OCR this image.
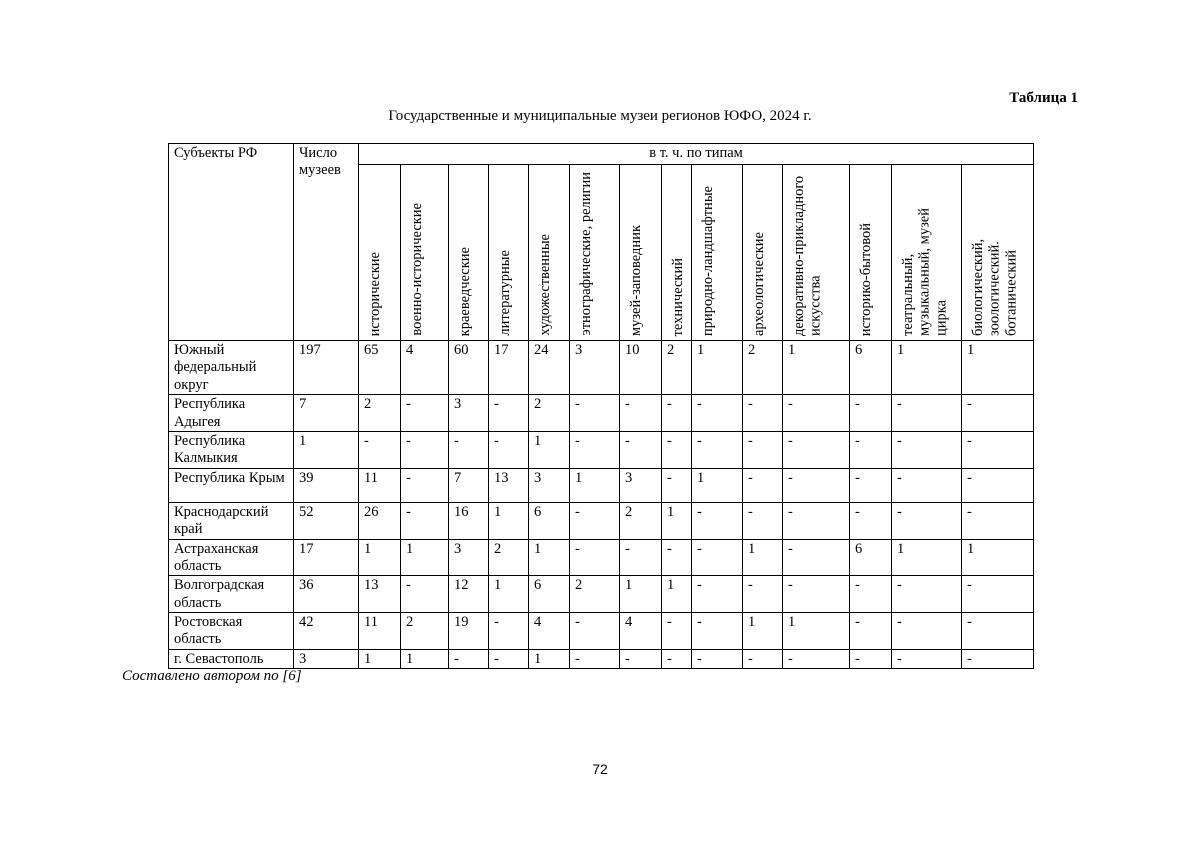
Таблица 1
Государственные и муниципальные музеи регионов ЮФО, 2024 г.
Субъекты РФ	Число музеев	в т. ч. по типам													

		исторические	военно-исторические	краеведческие	литературные	художественные	этнографические, религии	музей-заповедник	технический	природно-ландшафтные	археологические	декоративно-прикладного искусства	историко-бытовой	театральный, музыкальный, музей цирка	биологический, зоологический. ботанический

Южный федеральный округ	197	65	4	60	17	24	3	10	2	1	2	1	6	1	1
Республика Адыгея	7	2	-	3	-	2	-	-	-	-	-	-	-	-	-
Республика Калмыкия	1	-	-	-	-	1	-	-	-	-	-	-	-	-	-
Республика Крым	39	11	-	7	13	3	1	3	-	1	-	-	-	-	-
Краснодарский край	52	26	-	16	1	6	-	2	1	-	-	-	-	-	-
Астраханская область	17	1	1	3	2	1	-	-	-	-	1	-	6	1	1
Волгоградская область	36	13	-	12	1	6	2	1	1	-	-	-	-	-	-
Ростовская область	42	11	2	19	-	4	-	4	-	-	1	1	-	-	-
г. Севастополь	3	1	1	-	-	1	-	-	-	-	-	-	-	-	-
Составлено автором по [6]
72
